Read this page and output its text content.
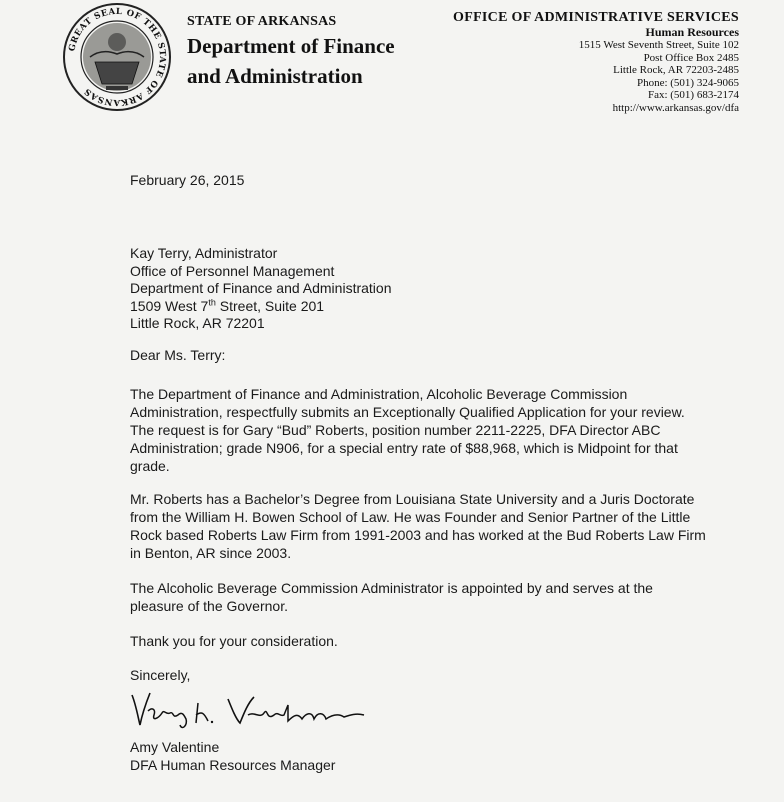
GREAT SEAL OF THE STATE OF ARKANSAS
STATE OF ARKANSAS
Department of Finance
and Administration
OFFICE OF ADMINISTRATIVE SERVICES
Human Resources
1515 West Seventh Street, Suite 102
Post Office Box 2485
Little Rock, AR 72203-2485
Phone: (501) 324-9065
Fax: (501) 683-2174
http://www.arkansas.gov/dfa
February 26, 2015
Kay Terry, Administrator
Office of Personnel Management
Department of Finance and Administration
1509 West 7th Street, Suite 201
Little Rock, AR 72201
Dear Ms. Terry:
The Department of Finance and Administration, Alcoholic Beverage Commission Administration, respectfully submits an Exceptionally Qualified Application for your review. The request is for Gary “Bud” Roberts, position number 2211-2225, DFA Director ABC Administration; grade N906, for a special entry rate of $88,968, which is Midpoint for that grade.
Mr. Roberts has a Bachelor’s Degree from Louisiana State University and a Juris Doctorate from the William H. Bowen School of Law. He was Founder and Senior Partner of the Little Rock based Roberts Law Firm from 1991-2003 and has worked at the Bud Roberts Law Firm in Benton, AR since 2003.
The Alcoholic Beverage Commission Administrator is appointed by and serves at the pleasure of the Governor.
Thank you for your consideration.
Sincerely,
Amy Valentine
DFA Human Resources Manager
